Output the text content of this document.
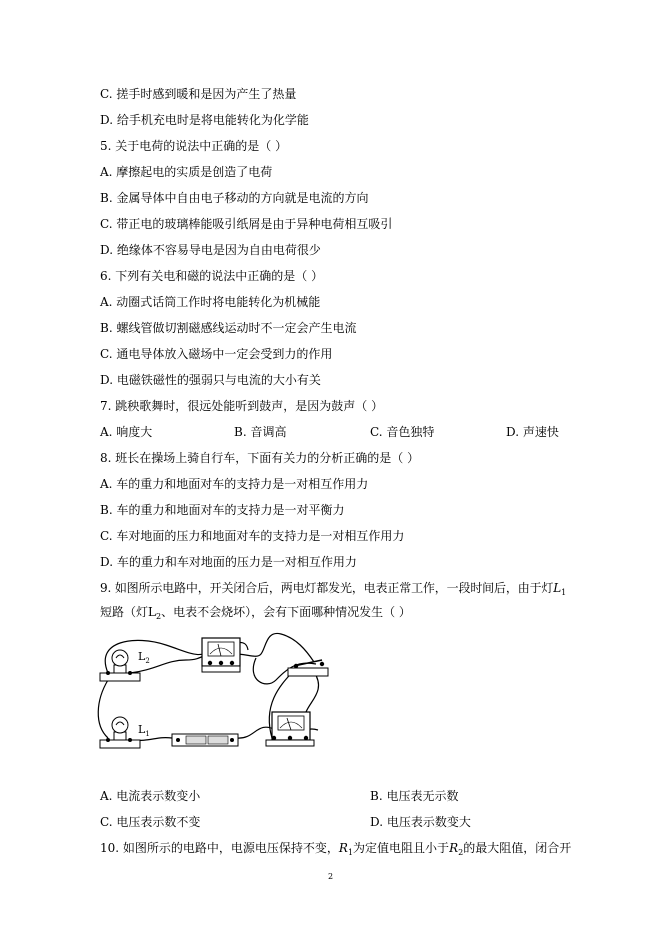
C. 搓手时感到暖和是因为产生了热量
D. 给手机充电时是将电能转化为化学能
5. 关于电荷的说法中正确的是（ ）
A. 摩擦起电的实质是创造了电荷
B. 金属导体中自由电子移动的方向就是电流的方向
C. 带正电的玻璃棒能吸引纸屑是由于异种电荷相互吸引
D. 绝缘体不容易导电是因为自由电荷很少
6. 下列有关电和磁的说法中正确的是（ ）
A. 动圈式话筒工作时将电能转化为机械能
B. 螺线管做切割磁感线运动时不一定会产生电流
C. 通电导体放入磁场中一定会受到力的作用
D. 电磁铁磁性的强弱只与电流的大小有关
7. 跳秧歌舞时，很远处能听到鼓声，是因为鼓声（ ）
A. 响度大	B. 音调高	C. 音色独特	D. 声速快
8. 班长在操场上骑自行车，下面有关力的分析正确的是（ ）
A. 车的重力和地面对车的支持力是一对相互作用力
B. 车的重力和地面对车的支持力是一对平衡力
C. 车对地面的压力和地面对车的支持力是一对相互作用力
D. 车的重力和车对地面的压力是一对相互作用力
9. 如图所示电路中，开关闭合后，两电灯都发光，电表正常工作，一段时间后，由于灯$L_1$
短路（灯$L_2$、电表不会烧坏），会有下面哪种情况发生（ ）
$L_2$
$L_1$
A. 电流表示数变小	B. 电压表无示数
C. 电压表示数不变	D. 电压表示数变大
10. 如图所示的电路中，电源电压保持不变，$R_1$为定值电阻且小于$R_2$的最大阻值，闭合开
2
